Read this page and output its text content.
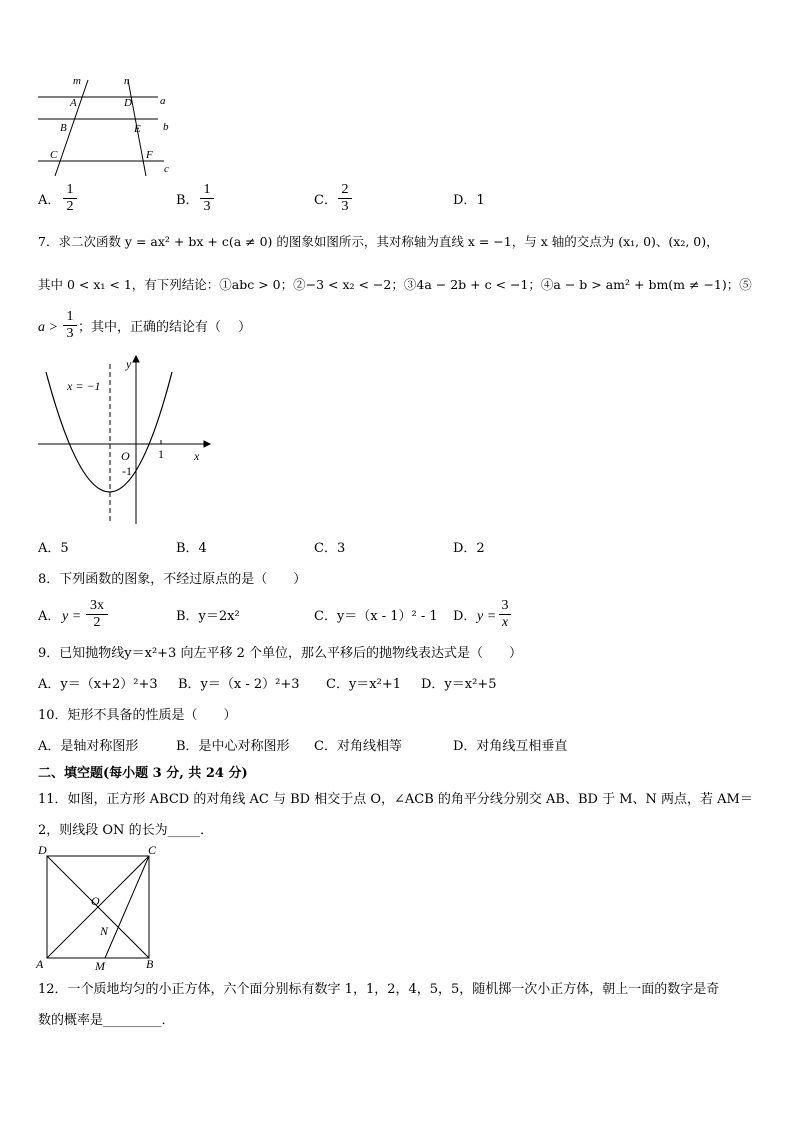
m	n
A	D	a
B	E b
C	F
c
A． $\frac{1}{2}$	B． $\frac{1}{3}$	C． $\frac{2}{3}$	D．1
7．求二次函数 y = ax² + bx + c(a ≠ 0) 的图象如图所示，其对称轴为直线 x = −1，与 x 轴的交点为 (x₁, 0)、(x₂, 0)，
其中 0 < x₁ < 1，有下列结论：①abc > 0；②−3 < x₂ < −2；③4a − 2b + c < −1；④a − b > am² + bm(m ≠ −1)；⑤
$a > \frac{1}{3}$ ；其中，正确的结论有（　 ）
x = −1
y
x
O 1
-1
A．5	B．4	C．3	D．2
8．下列函数的图象，不经过原点的是（　　）
A． $y = \frac{3x}{2}$	B．y＝2x²	C．y＝（x - 1）² - 1 D． $y = \frac{3}{x}$
9．已知抛物线y＝x²+3 向左平移 2 个单位，那么平移后的抛物线表达式是（　　）
A．y＝（x+2）²+3 B．y＝（x - 2）²+3 C．y＝x²+1 D．y＝x²+5
10．矩形不具备的性质是（　　）
A．是轴对称图形	B．是中心对称图形 C．对角线相等	D．对角线互相垂直
二、填空题(每小题 3 分, 共 24 分)
11．如图，正方形 ABCD 的对角线 AC 与 BD 相交于点 O，∠ACB 的角平分线分别交 AB、BD 于 M、N 两点，若 AM＝
2，则线段 ON 的长为_____．
D	C
A	B
O
N
M
12．一个质地均匀的小正方体，六个面分别标有数字 1，1，2，4，5，5，随机掷一次小正方体，朝上一面的数字是奇
数的概率是_________．
